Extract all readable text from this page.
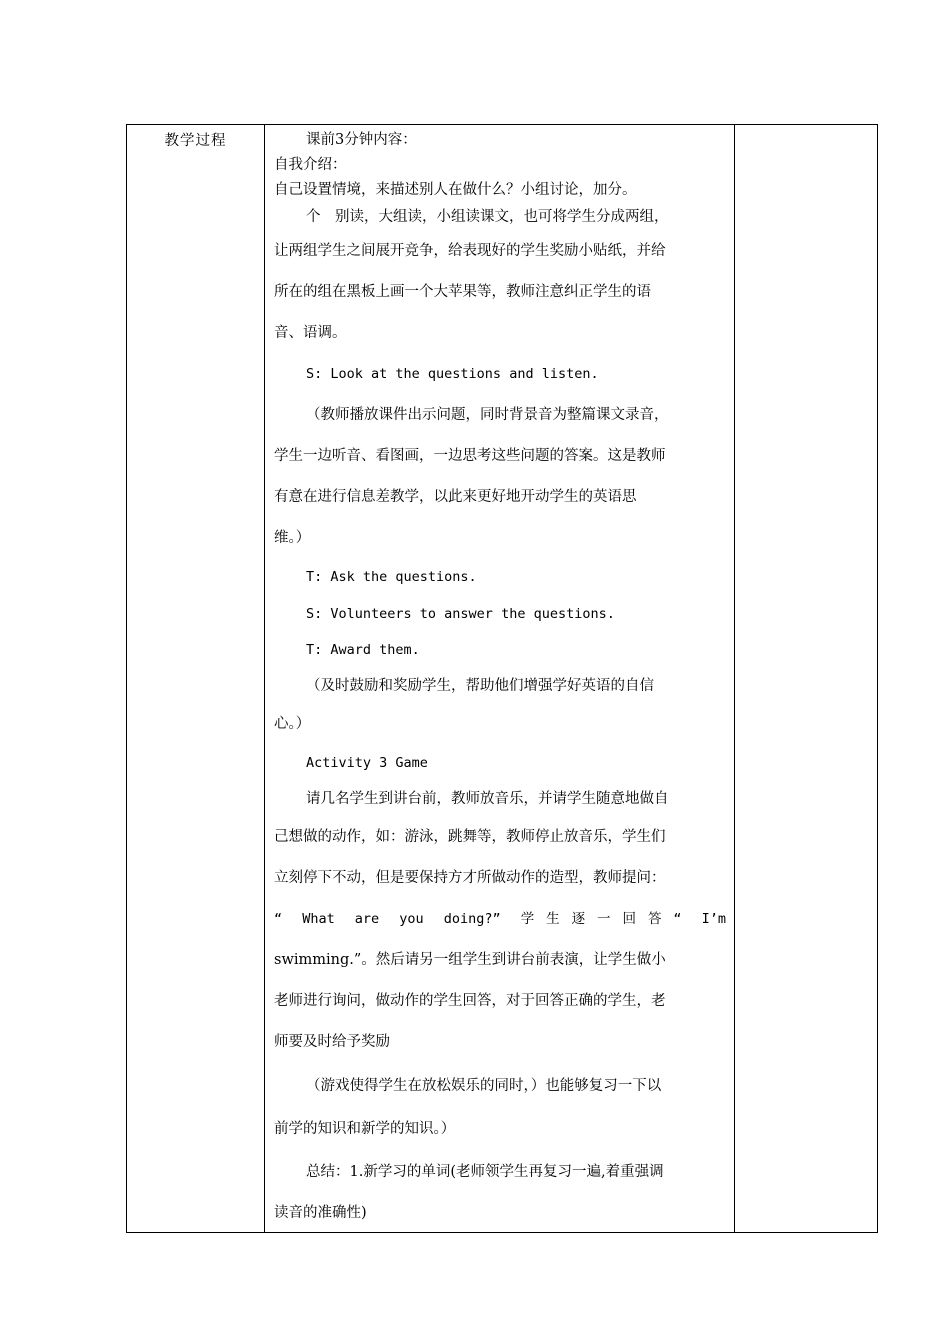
教学过程	课前3分钟内容：

自我介绍：

自己设置情境，来描述别人在做什么？小组讨论，加分。

个　别读，大组读，小组读课文，也可将学生分成两组，

让两组学生之间展开竞争，给表现好的学生奖励小贴纸，并给

所在的组在黑板上画一个大苹果等，教师注意纠正学生的语

音、语调。

S: Look at the questions and listen.

（教师播放课件出示问题，同时背景音为整篇课文录音，

学生一边听音、看图画，一边思考这些问题的答案。这是教师

有意在进行信息差教学，以此来更好地开动学生的英语思

维。）

T: Ask the questions.

S: Volunteers to answer the questions.

T: Award them.

（及时鼓励和奖励学生，帮助他们增强学好英语的自信

心。）

Activity 3 Game

请几名学生到讲台前，教师放音乐，并请学生随意地做自

己想做的动作，如：游泳，跳舞等，教师停止放音乐，学生们

立刻停下不动，但是要保持方才所做动作的造型，教师提问：

“ What are you doing?” 学生逐一回答“ I’m

swimming.”。然后请另一组学生到讲台前表演，让学生做小

老师进行询问，做动作的学生回答，对于回答正确的学生，老

师要及时给予奖励

（游戏使得学生在放松娱乐的同时，）也能够复习一下以

前学的知识和新学的知识。）

总结：1.新学习的单词(老师领学生再复习一遍,着重强调

读音的准确性)
